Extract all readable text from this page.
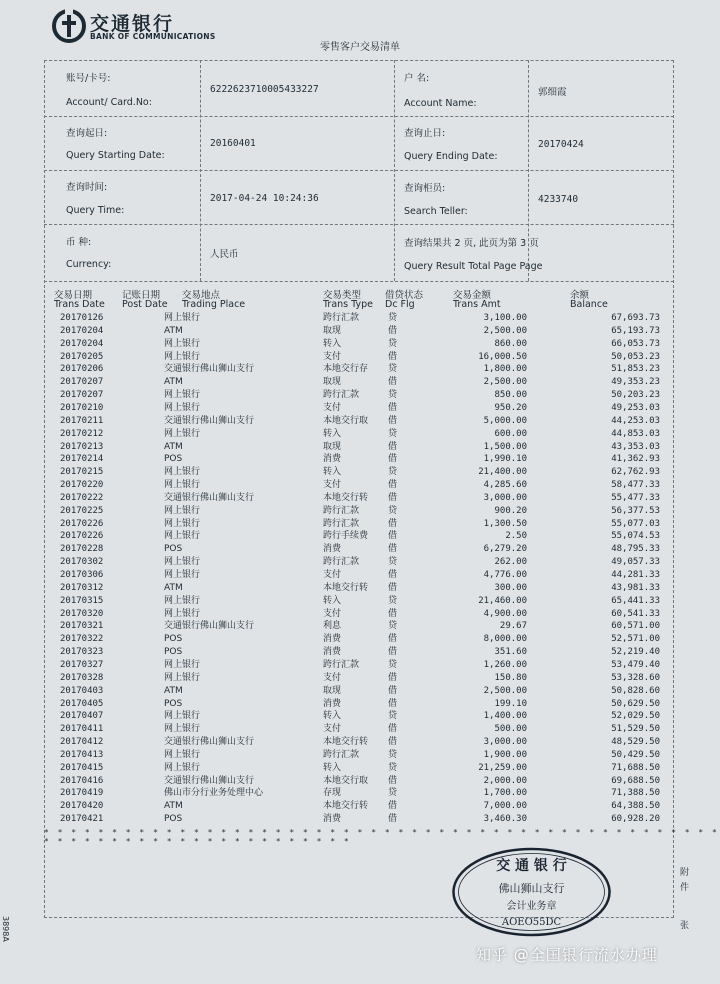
交通银行
BANK OF COMMUNICATIONS
零售客户交易清单
账号/卡号:
Account/ Card.No:
6222623710005433227
户 名:
Account Name:
郭细霞
查询起日:
Query Starting Date:
20160401
查询止日:
Query Ending Date:
20170424
查询时间:
Query Time:
2017-04-24 10:24:36
查询柜员:
Search Teller:
4233740
币 种:
Currency:
人民币
查询结果共 2 页, 此页为第 3 页
Query Result Total Page Page
交易日期
Trans Date
记账日期
Post Date
交易地点
Trading Place
交易类型
Trans Type
借贷状态
Dc Flg
交易金额
Trans Amt
余额
Balance
20170126	网上银行	跨行汇款	贷	3,100.00	67,693.73
20170204	ATM	取现	借	2,500.00	65,193.73
20170204	网上银行	转入	贷	860.00	66,053.73
20170205	网上银行	支付	借	16,000.50	50,053.23
20170206	交通银行佛山狮山支行	本地交行存 贷	1,800.00	51,853.23
20170207	ATM	取现	借	2,500.00	49,353.23
20170207	网上银行	跨行汇款	贷	850.00	50,203.23
20170210	网上银行	支付	借	950.20	49,253.03
20170211	交通银行佛山狮山支行	本地交行取 借	5,000.00	44,253.03
20170212	网上银行	转入	贷	600.00	44,853.03
20170213	ATM	取现	借	1,500.00	43,353.03
20170214	POS	消费	借	1,990.10	41,362.93
20170215	网上银行	转入	贷	21,400.00	62,762.93
20170220	网上银行	支付	借	4,285.60	58,477.33
20170222	交通银行佛山狮山支行	本地交行转 借	3,000.00	55,477.33
20170225	网上银行	跨行汇款	贷	900.20	56,377.53
20170226	网上银行	跨行汇款	借	1,300.50	55,077.03
20170226	网上银行	跨行手续费 借	2.50	55,074.53
20170228	POS	消费	借	6,279.20	48,795.33
20170302	网上银行	跨行汇款	贷	262.00	49,057.33
20170306	网上银行	支付	借	4,776.00	44,281.33
20170312	ATM	本地交行转 借	300.00	43,981.33
20170315	网上银行	转入	贷	21,460.00	65,441.33
20170320	网上银行	支付	借	4,900.00	60,541.33
20170321	交通银行佛山狮山支行	利息	贷	29.67	60,571.00
20170322	POS	消费	借	8,000.00	52,571.00
20170323	POS	消费	借	351.60	52,219.40
20170327	网上银行	跨行汇款	贷	1,260.00	53,479.40
20170328	网上银行	支付	借	150.80	53,328.60
20170403	ATM	取现	借	2,500.00	50,828.60
20170405	POS	消费	借	199.10	50,629.50
20170407	网上银行	转入	贷	1,400.00	52,029.50
20170411	网上银行	支付	借	500.00	51,529.50
20170412	交通银行佛山狮山支行	本地交行转 借	3,000.00	48,529.50
20170413	网上银行	跨行汇款	贷	1,900.00	50,429.50
20170415	网上银行	转入	贷	21,259.00	71,688.50
20170416	交通银行佛山狮山支行	本地交行取 借	2,000.00	69,688.50
20170419	佛山市分行业务处理中心	存现	贷	1,700.00	71,388.50
20170420	ATM	本地交行转 借	7,000.00	64,388.50
20170421	POS	消费	借	3,460.30	60,928.20
* * * * * * * * * * * * * * * * * * * * * * * * * * * * * * * * * * * * * * * * * * * * * * * * * * * * * * * * * * * * * * * * * * * * * * * * *
交 通 银 行
佛山狮山支行
会计业务章
AOEO55DC
附
件
张
3898A
知乎 @全国银行流水办理
